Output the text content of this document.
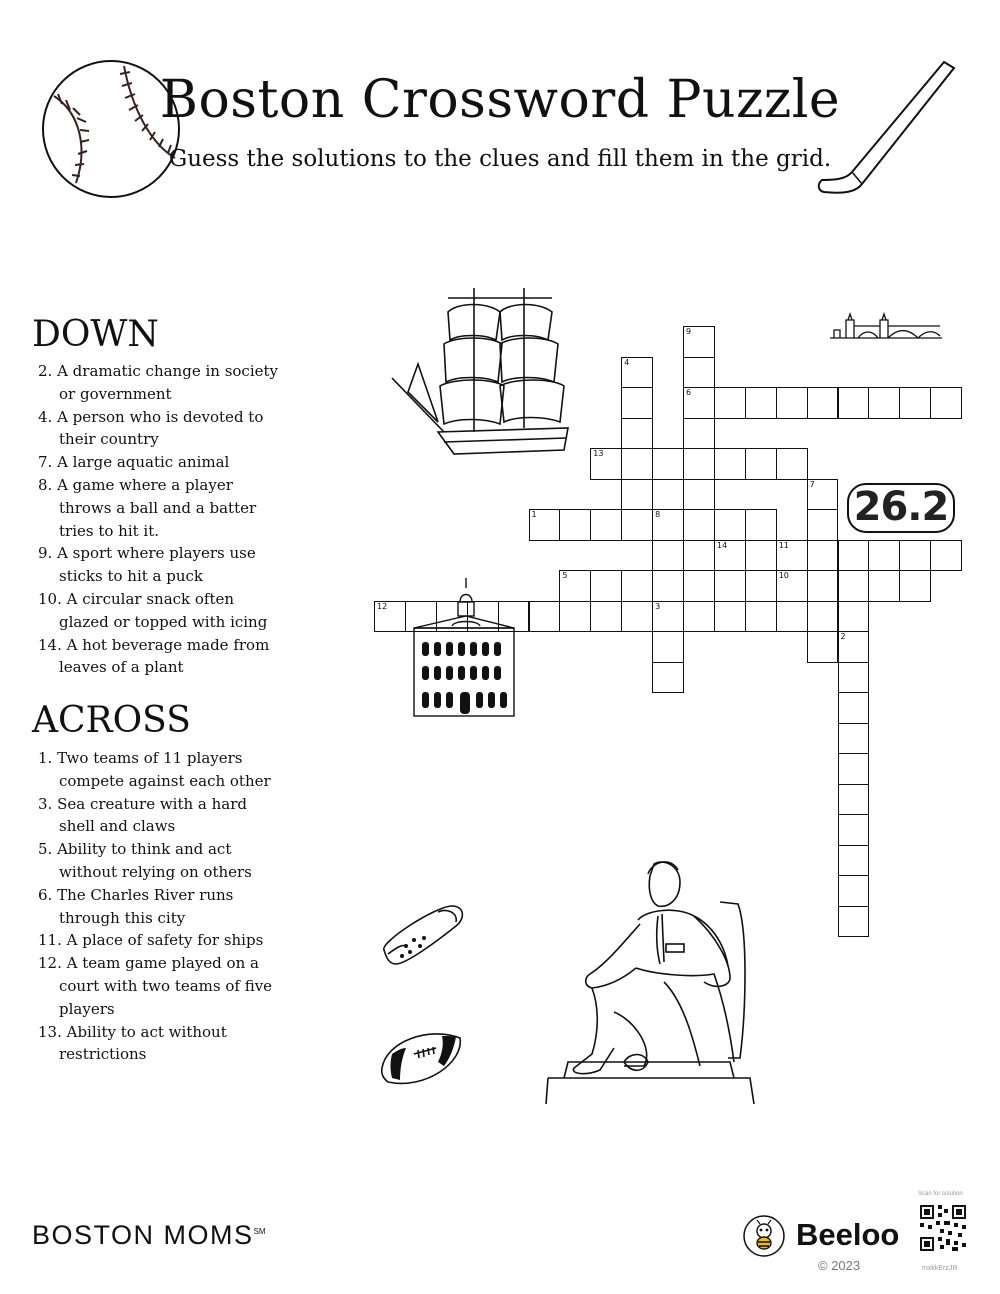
Boston Crossword Puzzle
Guess the solutions to the clues and fill them in the grid.
DOWN
2. A dramatic change in society or government
4. A person who is devoted to their country
7. A large aquatic animal
8. A game where a player throws a ball and a batter tries to hit it.
9. A sport where players use sticks to hit a puck
10. A circular snack often glazed or topped with icing
14. A hot beverage made from leaves of a plant
ACROSS
1. Two teams of 11 players compete against each other
3. Sea creature with a hard shell and claws
5. Ability to think and act without relying on others
6. The Charles River runs through this city
11. A place of safety for ships
12. A team game played on a court with two teams of five players
13. Ability to act without restrictions
1	8
3
5
6
10
11
12
13
2
4
7
9
14
26.2
BOSTON MOMS℠	Beeloo
© 2023
Scan for solution
mxkkErzJR
